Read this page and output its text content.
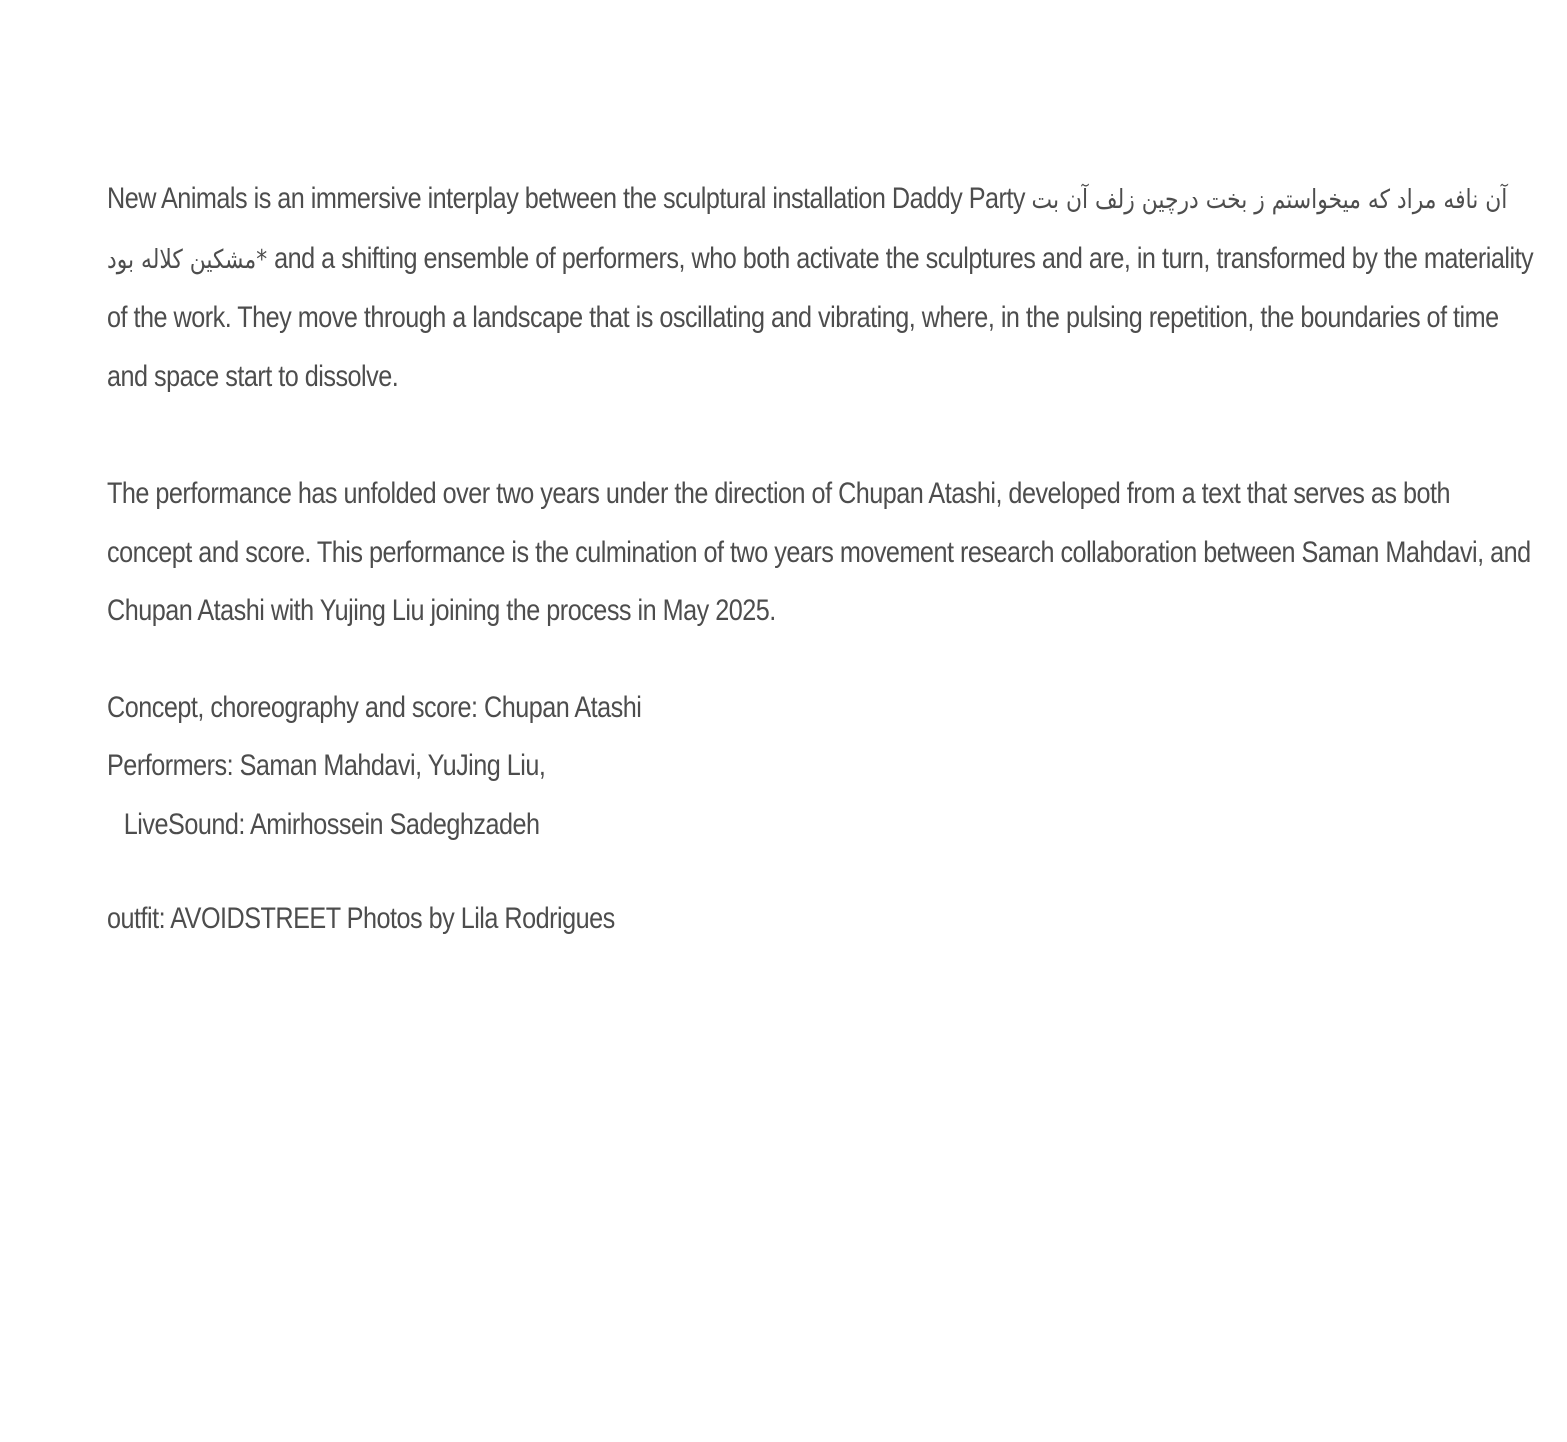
New Animals is an immersive interplay between the sculptural installation Daddy Party آن نافه مراد که میخواستم ز بخت درچین زلف آن بت *مشکین کلاله بود and a shifting ensemble of performers, who both activate the sculptures and are, in turn, transformed by the materiality of the work. They move through a landscape that is oscillating and vibrating, where, in the pulsing repetition, the boundaries of time and space start to dissolve.

The performance has unfolded over two years under the direction of Chupan Atashi, developed from a text that serves as both concept and score. This performance is the culmination of two years movement research collaboration between Saman Mahdavi, and Chupan Atashi with Yujing Liu joining the process in May 2025.

Concept, choreography and score: Chupan Atashi

Performers: Saman Mahdavi, YuJing Liu,

LiveSound: Amirhossein Sadeghzadeh

outfit: AVOIDSTREET Photos by Lila Rodrigues
